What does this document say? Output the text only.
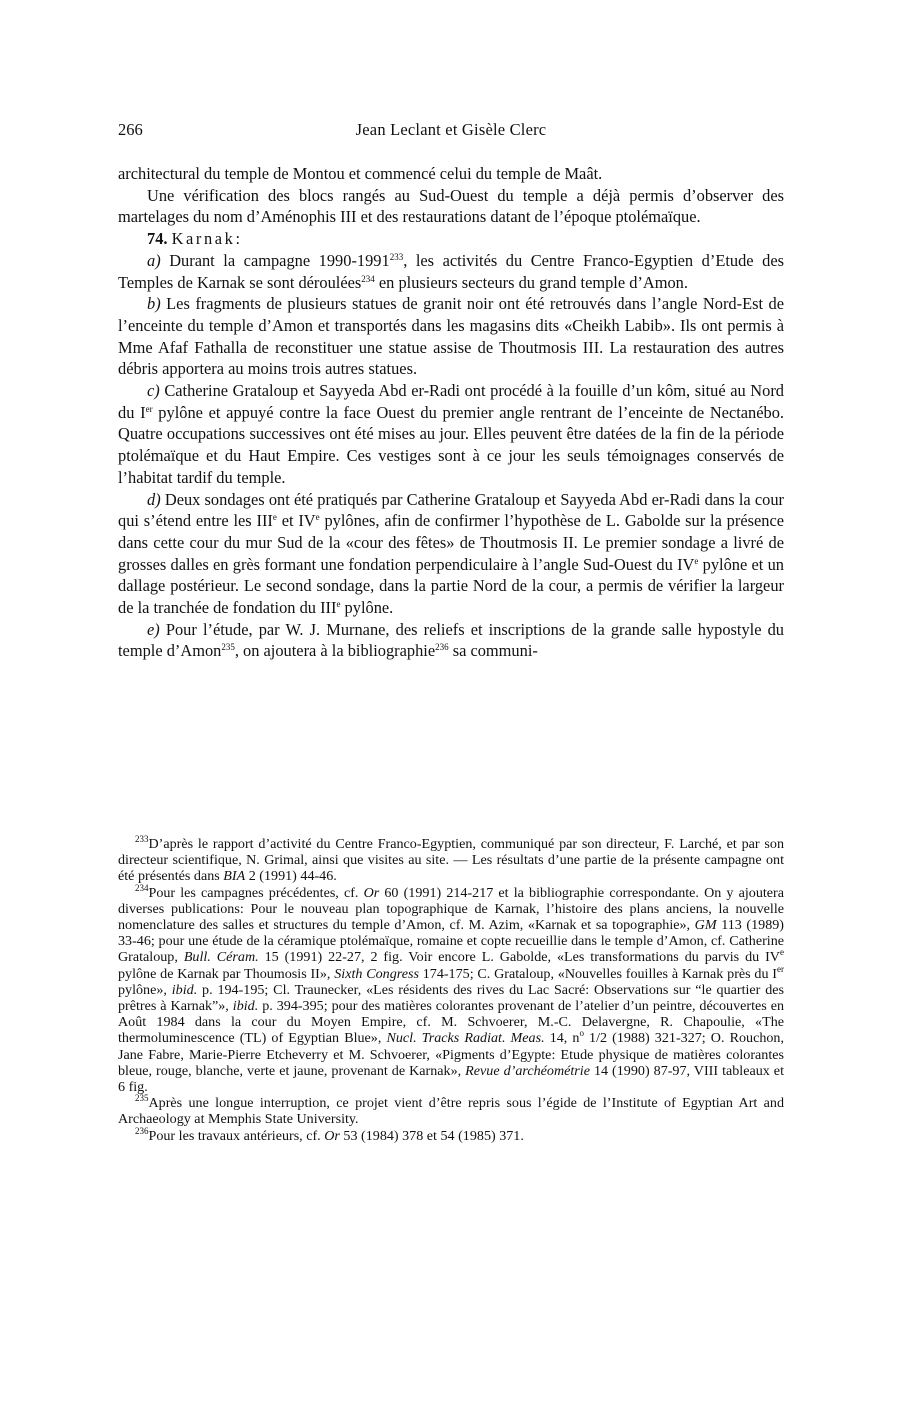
266	Jean Leclant et Gisèle Clerc

architectural du temple de Montou et commencé celui du temple de Maât.

Une vérification des blocs rangés au Sud-Ouest du temple a déjà permis d’observer des martelages du nom d’Aménophis III et des restaurations datant de l’époque ptolémaïque.

74. Karnak:

a) Durant la campagne 1990-1991$^{233}$, les activités du Centre Franco-Egyptien d’Etude des Temples de Karnak se sont déroulées$^{234}$ en plusieurs secteurs du grand temple d’Amon.

b) Les fragments de plusieurs statues de granit noir ont été retrouvés dans l’angle Nord-Est de l’enceinte du temple d’Amon et transportés dans les magasins dits «Cheikh Labib». Ils ont permis à Mme Afaf Fathalla de reconstituer une statue assise de Thoutmosis III. La restauration des autres débris apportera au moins trois autres statues.

c) Catherine Grataloup et Sayyeda Abd er-Radi ont procédé à la fouille d’un kôm, situé au Nord du Ier pylône et appuyé contre la face Ouest du premier angle rentrant de l’enceinte de Nectanébo. Quatre occupations successives ont été mises au jour. Elles peuvent être datées de la fin de la période ptolémaïque et du Haut Empire. Ces vestiges sont à ce jour les seuls témoignages conservés de l’habitat tardif du temple.

d) Deux sondages ont été pratiqués par Catherine Grataloup et Sayyeda Abd er-Radi dans la cour qui s’étend entre les IIIe et IVe pylônes, afin de confirmer l’hypothèse de L. Gabolde sur la présence dans cette cour du mur Sud de la «cour des fêtes» de Thoutmosis II. Le premier sondage a livré de grosses dalles en grès formant une fondation perpendiculaire à l’angle Sud-Ouest du IVe pylône et un dallage postérieur. Le second sondage, dans la partie Nord de la cour, a permis de vérifier la largeur de la tranchée de fondation du IIIe pylône.

e) Pour l’étude, par W. J. Murnane, des reliefs et inscriptions de la grande salle hypostyle du temple d’Amon$^{235}$, on ajoutera à la bibliographie$^{236}$ sa communi-

$^{233}$D’après le rapport d’activité du Centre Franco-Egyptien, communiqué par son directeur, F. Larché, et par son directeur scientifique, N. Grimal, ainsi que visites au site. — Les résultats d’une partie de la présente campagne ont été présentés dans BIA 2 (1991) 44-46.

$^{234}$Pour les campagnes précédentes, cf. Or 60 (1991) 214-217 et la bibliographie correspondante. On y ajoutera diverses publications: Pour le nouveau plan topographique de Karnak, l’histoire des plans anciens, la nouvelle nomenclature des salles et structures du temple d’Amon, cf. M. Azim, «Karnak et sa topographie», GM 113 (1989) 33-46; pour une étude de la céramique ptolémaïque, romaine et copte recueillie dans le temple d’Amon, cf. Catherine Grataloup, Bull. Céram. 15 (1991) 22-27, 2 fig. Voir encore L. Gabolde, «Les transformations du parvis du IVe pylône de Karnak par Thoumosis II», Sixth Congress 174-175; C. Grataloup, «Nouvelles fouilles à Karnak près du Ier pylône», ibid. p. 194-195; Cl. Traunecker, «Les résidents des rives du Lac Sacré: Observations sur “le quartier des prêtres à Karnak”», ibid. p. 394-395; pour des matières colorantes provenant de l’atelier d’un peintre, découvertes en Août 1984 dans la cour du Moyen Empire, cf. M. Schvoerer, M.-C. Delavergne, R. Chapoulie, «The thermoluminescence (TL) of Egyptian Blue», Nucl. Tracks Radiat. Meas. 14, $n^o$ 1/2 (1988) 321-327; O. Rouchon, Jane Fabre, Marie-Pierre Etcheverry et M. Schvoerer, «Pigments d’Egypte: Etude physique de matières colorantes bleue, rouge, blanche, verte et jaune, provenant de Karnak», Revue d’archéométrie 14 (1990) 87-97, VIII tableaux et 6 fig.

$^{235}$Après une longue interruption, ce projet vient d’être repris sous l’égide de l’Institute of Egyptian Art and Archaeology at Memphis State University.

$^{236}$Pour les travaux antérieurs, cf. Or 53 (1984) 378 et 54 (1985) 371.
